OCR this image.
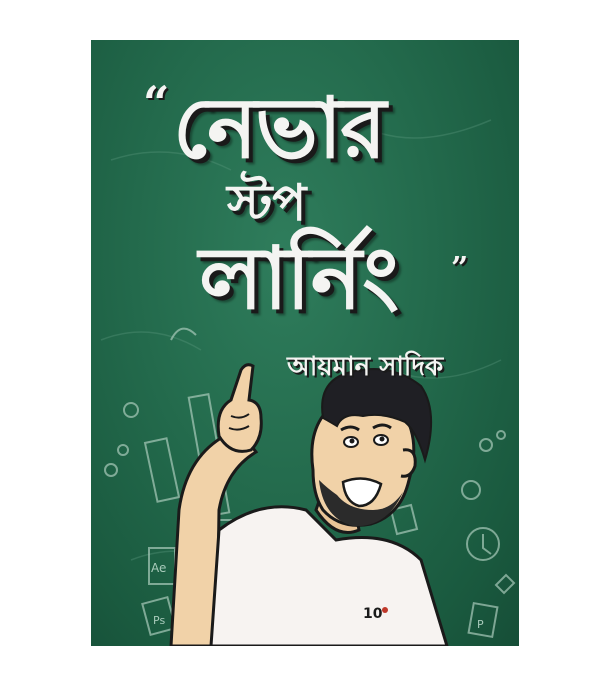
Ae
Ps	P
10
“ নেভার
স্টপ
লার্নিং ”
আয়মান সাদিক
